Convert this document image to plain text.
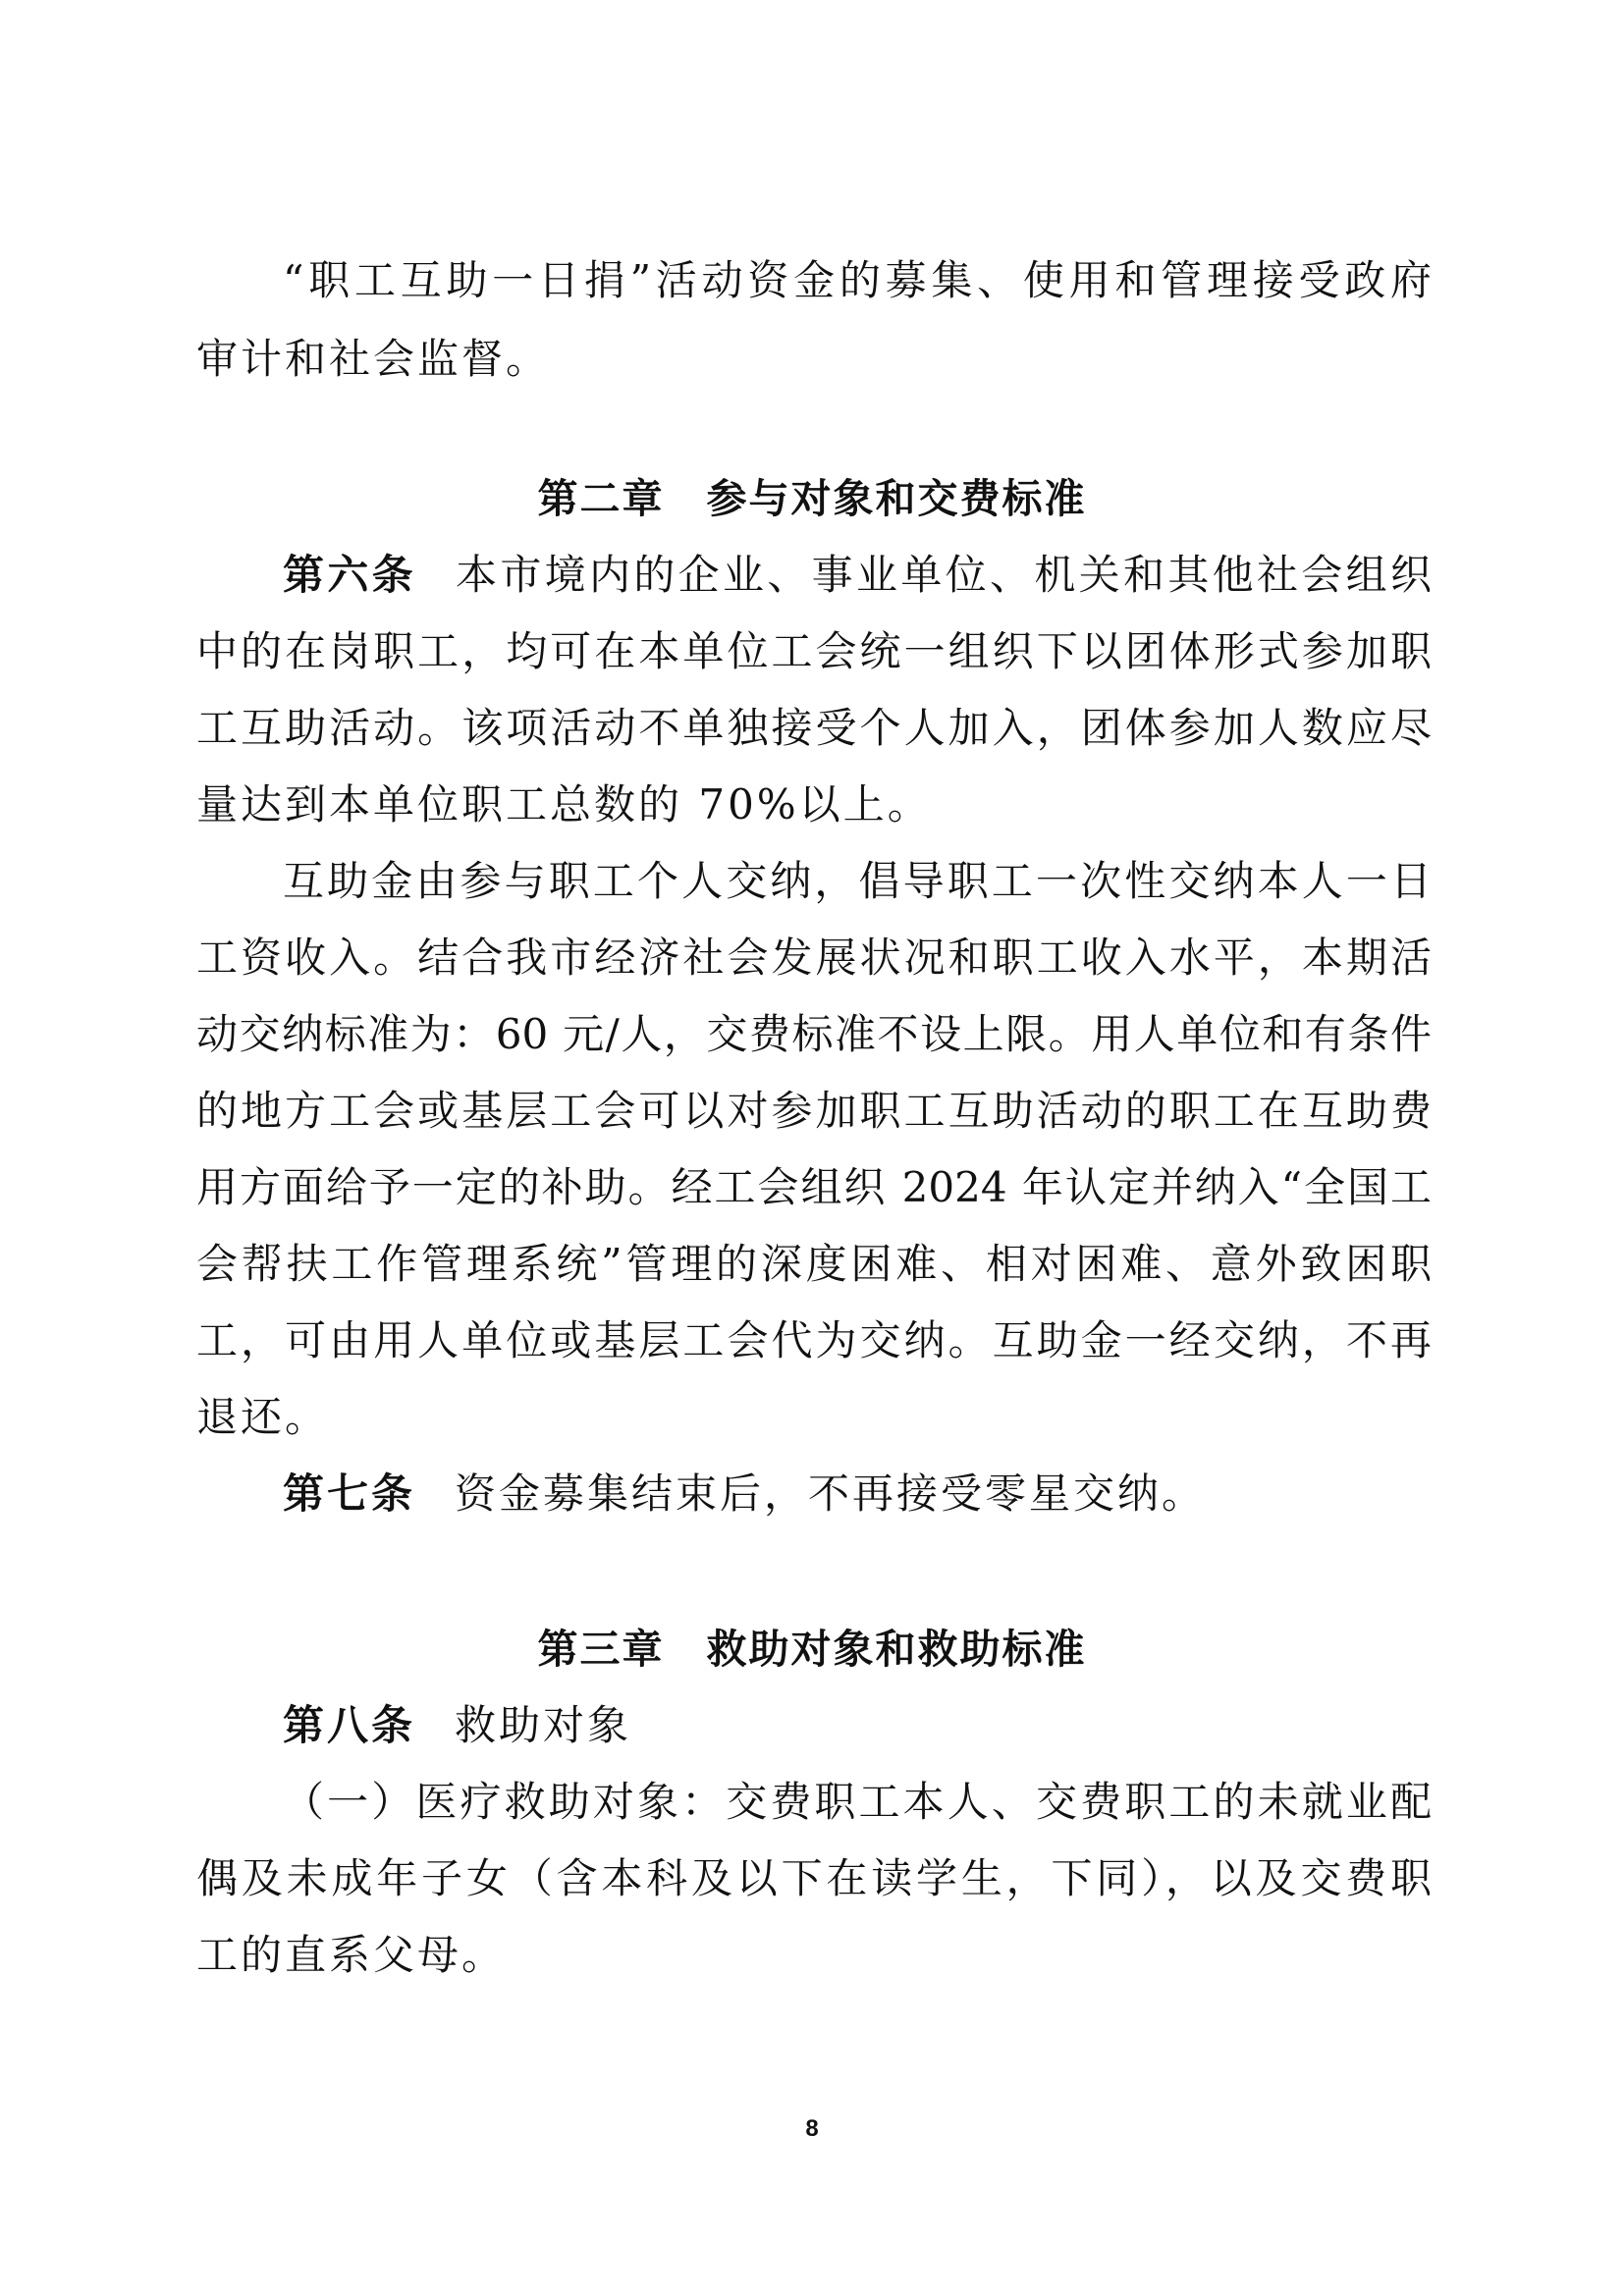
“职工互助一日捐”活动资金的募集、使用和管理接受政府
审计和社会监督。
第二章　参与对象和交费标准
第六条 本市境内的企业、事业单位、机关和其他社会组织
中的在岗职工，均可在本单位工会统一组织下以团体形式参加职
工互助活动。该项活动不单独接受个人加入，团体参加人数应尽
量达到本单位职工总数的 70%以上。
互助金由参与职工个人交纳，倡导职工一次性交纳本人一日
工资收入。结合我市经济社会发展状况和职工收入水平，本期活
动交纳标准为：60 元/人，交费标准不设上限。用人单位和有条件
的地方工会或基层工会可以对参加职工互助活动的职工在互助费
用方面给予一定的补助。经工会组织 2024 年认定并纳入“全国工
会帮扶工作管理系统”管理的深度困难、相对困难、意外致困职
工，可由用人单位或基层工会代为交纳。互助金一经交纳，不再
退还。
第七条 资金募集结束后，不再接受零星交纳。
第三章　救助对象和救助标准
第八条 救助对象
（一）医疗救助对象：交费职工本人、交费职工的未就业配
偶及未成年子女（含本科及以下在读学生，下同），以及交费职
工的直系父母。
8
